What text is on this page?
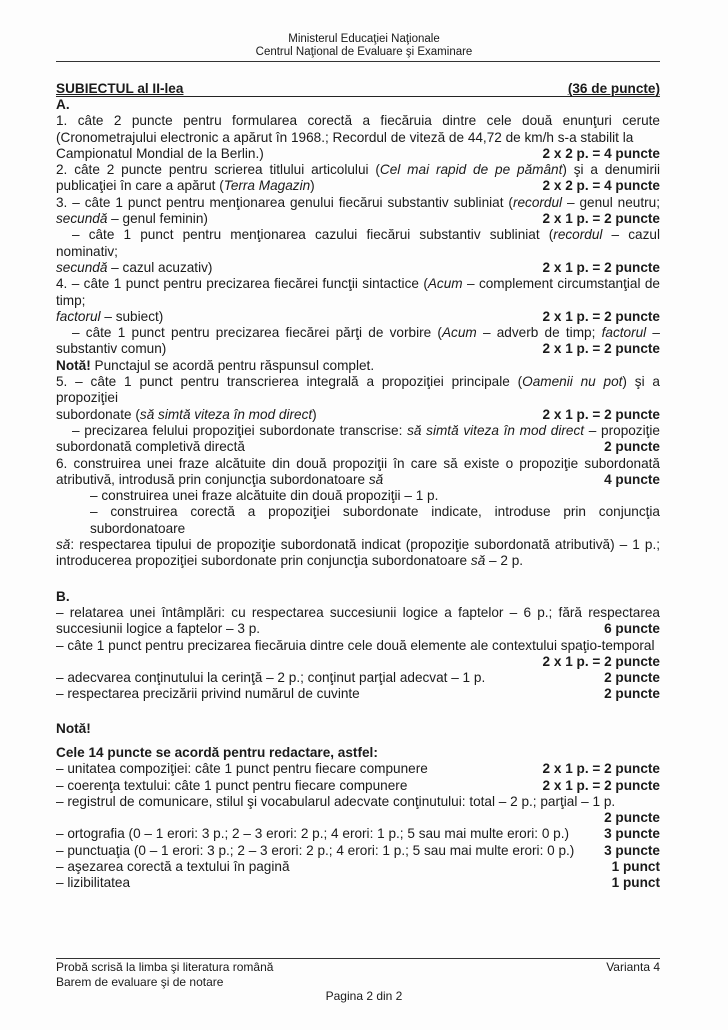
Ministerul Educaţiei Naţionale
Centrul Naţional de Evaluare şi Examinare
SUBIECTUL al II-lea	(36 de puncte)
A.
1. câte 2 puncte pentru formularea corectă a fiecăruia dintre cele două enunţuri cerute (Cronometrajului electronic a apărut în 1968.; Recordul de viteză de 44,72 de km/h s-a stabilit la
Campionatul Mondial de la Berlin.)	2 x 2 p. = 4 puncte
2. câte 2 puncte pentru scrierea titlului articolului (Cel mai rapid de pe pământ) şi a denumirii
publicaţiei în care a apărut (Terra Magazin)	2 x 2 p. = 4 puncte
3. – câte 1 punct pentru menţionarea genului fiecărui substantiv subliniat (recordul – genul neutru;
secundă – genul feminin)	2 x 1 p. = 2 puncte
– câte 1 punct pentru menţionarea cazului fiecărui substantiv subliniat (recordul – cazul nominativ;
secundă – cazul acuzativ)	2 x 1 p. = 2 puncte
4. – câte 1 punct pentru precizarea fiecărei funcţii sintactice (Acum – complement circumstanţial de timp;
factorul – subiect)	2 x 1 p. = 2 puncte
– câte 1 punct pentru precizarea fiecărei părţi de vorbire (Acum – adverb de timp; factorul –
substantiv comun)	2 x 1 p. = 2 puncte
Notă! Punctajul se acordă pentru răspunsul complet.
5. – câte 1 punct pentru transcrierea integrală a propoziţiei principale (Oamenii nu pot) şi a propoziţiei
subordonate (să simtă viteza în mod direct)	2 x 1 p. = 2 puncte
– precizarea felului propoziţiei subordonate transcrise: să simtă viteza în mod direct – propoziţie
subordonată completivă directă	2 puncte
6. construirea unei fraze alcătuite din două propoziţii în care să existe o propoziţie subordonată
atributivă, introdusă prin conjuncţia subordonatoare să	4 puncte
– construirea unei fraze alcătuite din două propoziţii – 1 p.
– construirea corectă a propoziţiei subordonate indicate, introduse prin conjuncţia subordonatoare
să: respectarea tipului de propoziţie subordonată indicat (propoziţie subordonată atributivă) – 1 p.;
introducerea propoziţiei subordonate prin conjuncţia subordonatoare să – 2 p.
B.
– relatarea unei întâmplări: cu respectarea succesiunii logice a faptelor – 6 p.; fără respectarea
succesiunii logice a faptelor – 3 p.	6 puncte
– câte 1 punct pentru precizarea fiecăruia dintre cele două elemente ale contextului spaţio-temporal
2 x 1 p. = 2 puncte
– adecvarea conţinutului la cerinţă – 2 p.; conţinut parţial adecvat – 1 p.	2 puncte
– respectarea precizării privind numărul de cuvinte	2 puncte
Notă!
Cele 14 puncte se acordă pentru redactare, astfel:
– unitatea compoziţiei: câte 1 punct pentru fiecare compunere	2 x 1 p. = 2 puncte
– coerenţa textului: câte 1 punct pentru fiecare compunere	2 x 1 p. = 2 puncte
– registrul de comunicare, stilul şi vocabularul adecvate conţinutului: total – 2 p.; parţial – 1 p.
2 puncte
– ortografia (0 – 1 erori: 3 p.; 2 – 3 erori: 2 p.; 4 erori: 1 p.; 5 sau mai multe erori: 0 p.)	3 puncte
– punctuaţia (0 – 1 erori: 3 p.; 2 – 3 erori: 2 p.; 4 erori: 1 p.; 5 sau mai multe erori: 0 p.) 3 puncte
– aşezarea corectă a textului în pagină	1 punct
– lizibilitatea	1 punct
Probă scrisă la limba şi literatura română	Varianta 4
Barem de evaluare şi de notare
Pagina 2 din 2
